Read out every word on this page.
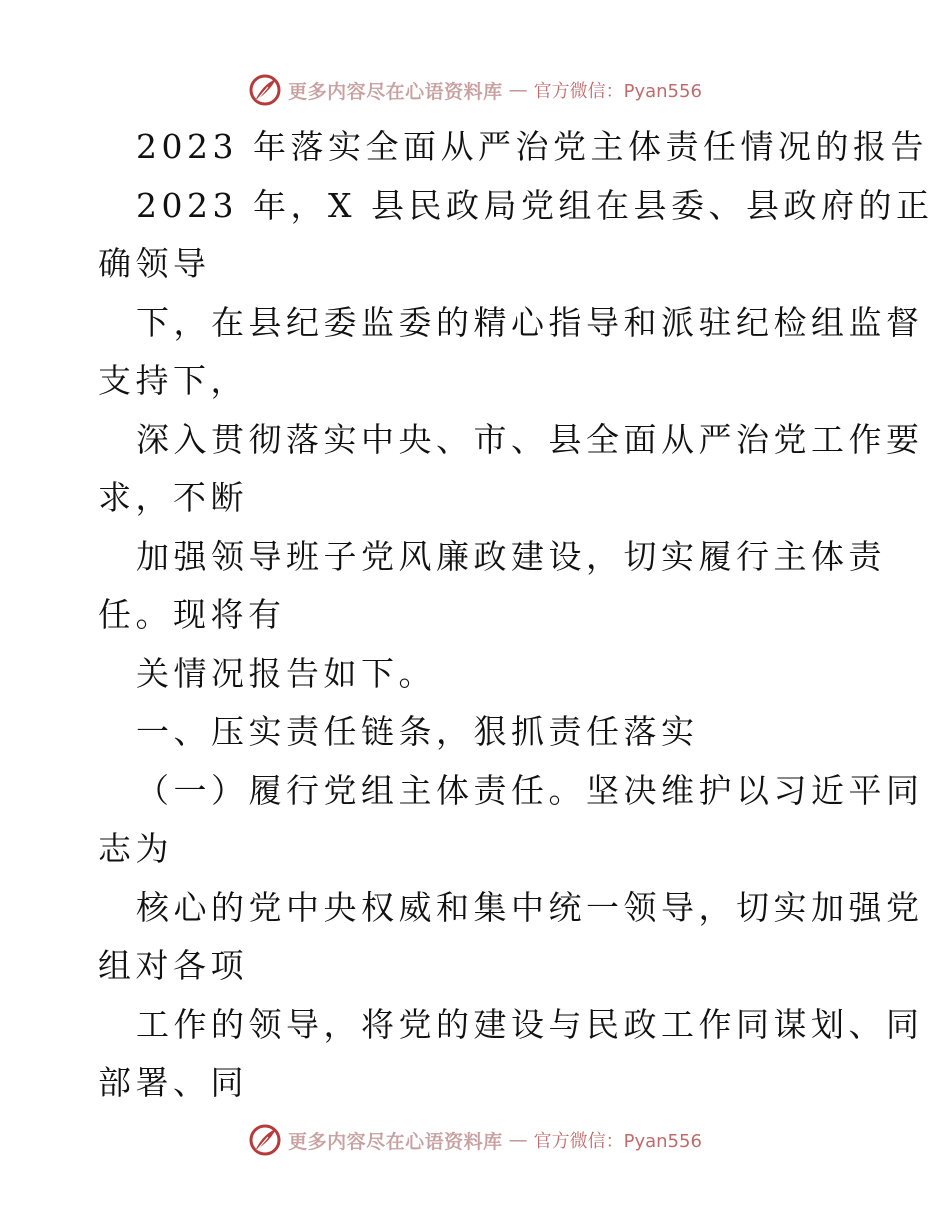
更多内容尽在心语资料库 — 官方微信：Pyan556
2023 年落实全面从严治党主体责任情况的报告
2023 年，X 县民政局党组在县委、县政府的正
确领导
下，在县纪委监委的精心指导和派驻纪检组监督
支持下，
深入贯彻落实中央、市、县全面从严治党工作要
求，不断
加强领导班子党风廉政建设，切实履行主体责
任。现将有
关情况报告如下。
一、压实责任链条，狠抓责任落实
（一）履行党组主体责任。坚决维护以习近平同
志为
核心的党中央权威和集中统一领导，切实加强党
组对各项
工作的领导，将党的建设与民政工作同谋划、同
部署、同
更多内容尽在心语资料库 — 官方微信：Pyan556
